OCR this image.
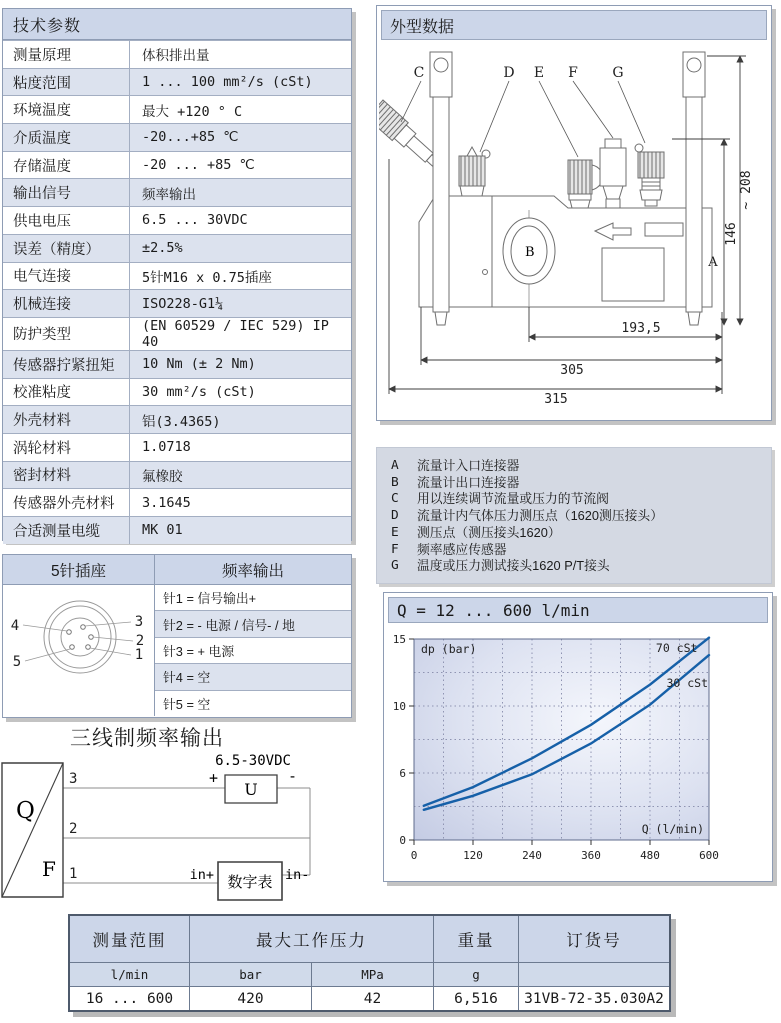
技术参数
测量原理	体积排出量
粘度范围	1 ... 100 mm²/s (cSt)
环境温度	最大 +120 ° C
介质温度	-20...+85 ℃
存储温度	-20 ... +85 ℃
输出信号	频率输出
供电电压	6.5 ... 30VDC
误差（精度）	±2.5%
电气连接	5针M16 x 0.75插座
机械连接	ISO228-G1¼
防护类型	(EN 60529 / IEC 529) IP 40
传感器拧紧扭矩	10 Nm (± 2 Nm)
校准粘度	30 mm²/s (cSt)
外壳材料	铝(3.4365)
涡轮材料	1.0718
密封材料	氟橡胶
传感器外壳材料	3.1645
合适测量电缆	MK 01
5针插座	频率输出
4	3
2
5	1
针1 = 信号输出+
针2 = - 电源 / 信号- / 地
针3 = + 电源
针4 = 空
针5 = 空
三线制频率输出
Q
F
3
2
1
U
6.5-30VDC
+	-
数字表
in+	in-
外型数据
B
C	D E F G
~ 208
146
A
193,5
305
315
A	流量计入口连接器
B	流量计出口连接器
C	用以连续调节流量或压力的节流阀
D	流量计内气体压力测压点（1620测压接头）
E	测压点（测压接头1620）
F	频率感应传感器
G	温度或压力测试接头1620 P/T接头
Q = 12 ... 600 l/min
0	120	240	360	480	600
0
6
10
15
dp (bar)
Q (l/min)
70 cSt
30 cSt
测量范围	最大工作压力		重量	订货号
l/min	bar	MPa	g	
16 ... 600	420	42	6,516	31VB-72-35.030A2
